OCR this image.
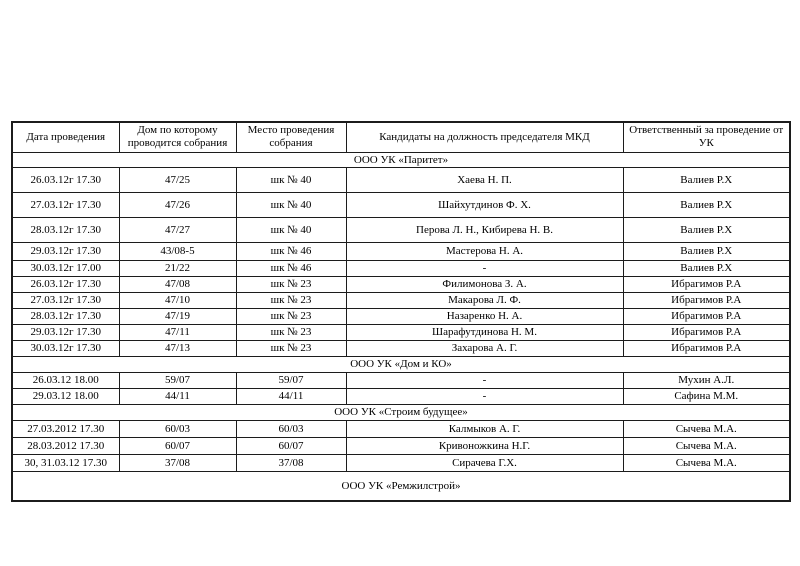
Дата проведения	Дом по которому проводится собрания	Место проведения собрания	Кандидаты на должность председателя МКД	Ответственный за проведение от УК
ООО УК «Паритет»				
26.03.12г 17.30	47/25	шк № 40	Хаева Н. П.	Валиев Р.Х
27.03.12г 17.30	47/26	шк № 40	Шайхутдинов Ф. Х.	Валиев Р.Х
28.03.12г 17.30	47/27	шк № 40	Перова Л. Н., Кибирева Н. В.	Валиев Р.Х
29.03.12г 17.30	43/08-5	шк № 46	Мастерова Н. А.	Валиев Р.Х
30.03.12г 17.00	21/22	шк № 46	-	Валиев Р.Х
26.03.12г 17.30	47/08	шк № 23	Филимонова З. А.	Ибрагимов Р.А
27.03.12г 17.30	47/10	шк № 23	Макарова Л. Ф.	Ибрагимов Р.А
28.03.12г 17.30	47/19	шк № 23	Назаренко Н. А.	Ибрагимов Р.А
29.03.12г 17.30	47/11	шк № 23	Шарафутдинова Н. М.	Ибрагимов Р.А
30.03.12г 17.30	47/13	шк № 23	Захарова А. Г.	Ибрагимов Р.А
ООО УК «Дом и КО»				
26.03.12 18.00	59/07	59/07	-	Мухин А.Л.
29.03.12 18.00	44/11	44/11	-	Сафина М.М.
ООО УК «Строим будущее»				
27.03.2012 17.30	60/03	60/03	Калмыков А. Г.	Сычева М.А.
28.03.2012 17.30	60/07	60/07	Кривоножкина Н.Г.	Сычева М.А.
30, 31.03.12 17.30	37/08	37/08	Сирачева Г.Х.	Сычева М.А.
ООО УК «Ремжилстрой»				
